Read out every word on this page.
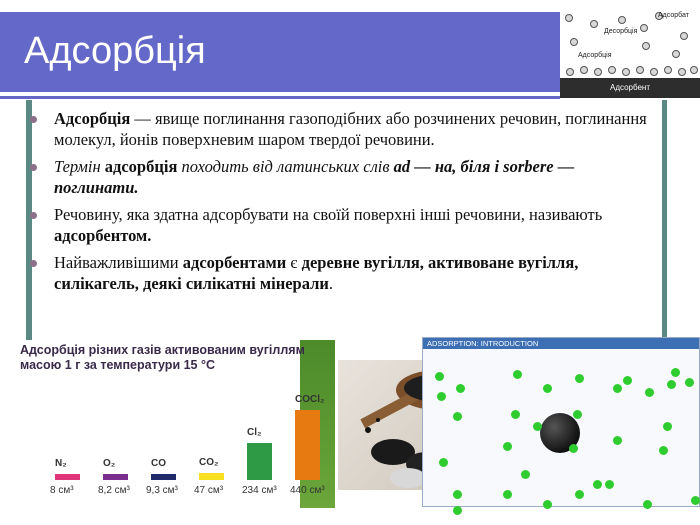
Адсорбція
Адсорбат
Десорбція
Адсорбція
Адсорбент
Адсорбція — явище поглинання газоподібних або розчинених речовин, поглинання молекул, йонів поверхневим шаром твердої речовини.
Термін адсорбція походить від латинських слів ad — на, біля і sorbere — поглинати.
Речовину, яка здатна адсорбувати на своїй поверхні інші речовини, називають адсорбентом.
Найважливішими адсорбентами є деревне вугілля, активоване вугілля, силікагель, деякі силікатні мінерали.
Адсорбція різних газів активованим вугіллям масою 1 г за температури 15 °С
N₂
8 см³
O₂
8,2 см³
CO
9,3 см³
CO₂
47 см³
Cl₂
234 см³
COCl₂
440 см³
ADSORPTION: INTRODUCTION
